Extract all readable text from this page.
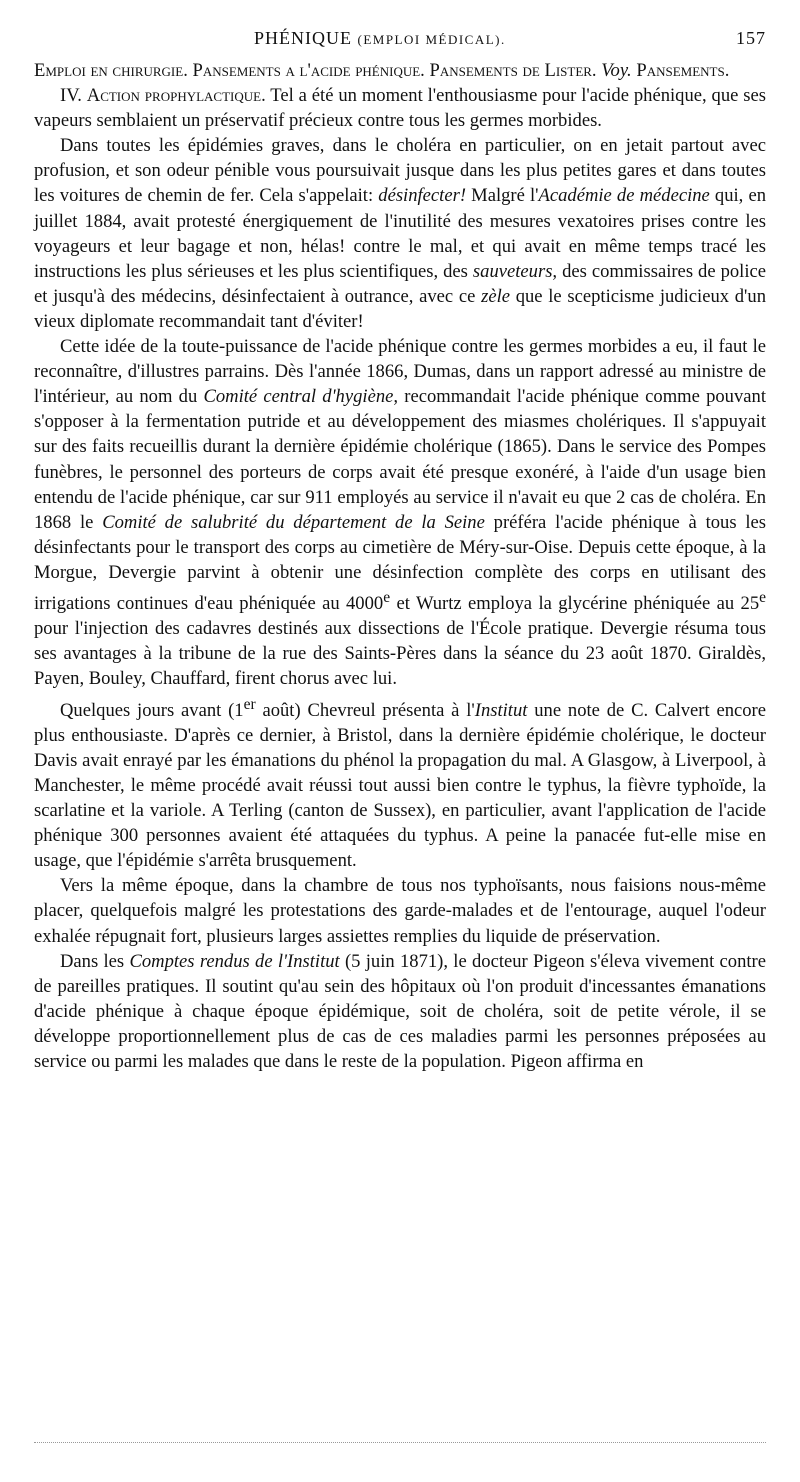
PHÉNIQUE (EMPLOI MÉDICAL).	157

Emploi en chirurgie. Pansements a l'acide phénique. Pansements de Lister. Voy. Pansements.

IV. Action prophylactique. Tel a été un moment l'enthousiasme pour l'acide phénique, que ses vapeurs semblaient un préservatif précieux contre tous les germes morbides.

Dans toutes les épidémies graves, dans le choléra en particulier, on en jetait partout avec profusion, et son odeur pénible vous poursuivait jusque dans les plus petites gares et dans toutes les voitures de chemin de fer. Cela s'appelait: désinfecter! Malgré l'Académie de médecine qui, en juillet 1884, avait protesté énergiquement de l'inutilité des mesures vexatoires prises contre les voyageurs et leur bagage et non, hélas! contre le mal, et qui avait en même temps tracé les instructions les plus sérieuses et les plus scientifiques, des sauveteurs, des commissaires de police et jusqu'à des médecins, désinfectaient à outrance, avec ce zèle que le scepticisme judicieux d'un vieux diplomate recommandait tant d'éviter!

Cette idée de la toute-puissance de l'acide phénique contre les germes morbides a eu, il faut le reconnaître, d'illustres parrains. Dès l'année 1866, Dumas, dans un rapport adressé au ministre de l'intérieur, au nom du Comité central d'hygiène, recommandait l'acide phénique comme pouvant s'opposer à la fermentation putride et au développement des miasmes cholériques. Il s'appuyait sur des faits recueillis durant la dernière épidémie cholérique (1865). Dans le service des Pompes funèbres, le personnel des porteurs de corps avait été presque exonéré, à l'aide d'un usage bien entendu de l'acide phénique, car sur 911 employés au service il n'avait eu que 2 cas de choléra. En 1868 le Comité de salubrité du département de la Seine préféra l'acide phénique à tous les désinfectants pour le transport des corps au cimetière de Méry-sur-Oise. Depuis cette époque, à la Morgue, Devergie parvint à obtenir une désinfection complète des corps en utilisant des irrigations continues d'eau phéniquée au 4000e et Wurtz employa la glycérine phéniquée au 25e pour l'injection des cadavres destinés aux dissections de l'École pratique. Devergie résuma tous ses avantages à la tribune de la rue des Saints-Pères dans la séance du 23 août 1870. Giraldès, Payen, Bouley, Chauffard, firent chorus avec lui.

Quelques jours avant (1er août) Chevreul présenta à l'Institut une note de C. Calvert encore plus enthousiaste. D'après ce dernier, à Bristol, dans la dernière épidémie cholérique, le docteur Davis avait enrayé par les émanations du phénol la propagation du mal. A Glasgow, à Liverpool, à Manchester, le même procédé avait réussi tout aussi bien contre le typhus, la fièvre typhoïde, la scarlatine et la variole. A Terling (canton de Sussex), en particulier, avant l'application de l'acide phénique 300 personnes avaient été attaquées du typhus. A peine la panacée fut-elle mise en usage, que l'épidémie s'arrêta brusquement.

Vers la même époque, dans la chambre de tous nos typhoïsants, nous faisions nous-même placer, quelquefois malgré les protestations des garde-malades et de l'entourage, auquel l'odeur exhalée répugnait fort, plusieurs larges assiettes remplies du liquide de préservation.

Dans les Comptes rendus de l'Institut (5 juin 1871), le docteur Pigeon s'éleva vivement contre de pareilles pratiques. Il soutint qu'au sein des hôpitaux où l'on produit d'incessantes émanations d'acide phénique à chaque époque épidémique, soit de choléra, soit de petite vérole, il se développe proportionnellement plus de cas de ces maladies parmi les personnes préposées au service ou parmi les malades que dans le reste de la population. Pigeon affirma en
